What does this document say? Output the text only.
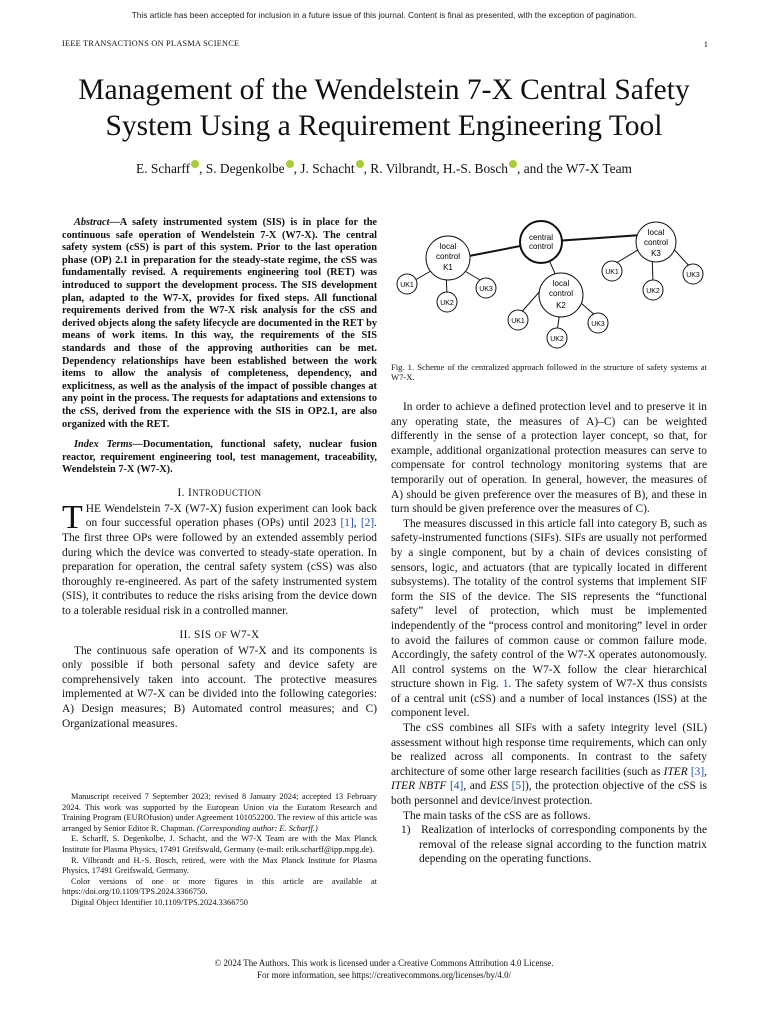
This article has been accepted for inclusion in a future issue of this journal. Content is final as presented, with the exception of pagination.
IEEE TRANSACTIONS ON PLASMA SCIENCE	1
Management of the Wendelstein 7-X Central Safety
System Using a Requirement Engineering Tool
E. Scharff , S. Degenkolbe , J. Schacht , R. Vilbrandt, H.-S. Bosch , and the W7-X Team

Abstract—A safety instrumented system (SIS) is in place for the continuous safe operation of Wendelstein 7-X (W7-X). The central safety system (cSS) is part of this system. Prior to the last operation phase (OP) 2.1 in preparation for the steady-state regime, the cSS was fundamentally revised. A requirements engineering tool (RET) was introduced to support the development process. The SIS development plan, adapted to the W7-X, provides for fixed steps. All functional requirements derived from the W7-X risk analysis for the cSS and derived objects along the safety lifecycle are documented in the RET by means of work items. In this way, the requirements of the SIS standards and those of the approving authorities can be met. Dependency relationships have been established between the work items to allow the analysis of completeness, dependency, and explicitness, as well as the analysis of the impact of possible changes at any point in the process. The requests for adaptations and extensions to the cSS, derived from the experience with the SIS in OP2.1, are also organized with the RET.

Index Terms—Documentation, functional safety, nuclear fusion reactor, requirement engineering tool, test management, traceability, Wendelstein 7-X (W7-X).

I. INTRODUCTION

THE Wendelstein 7-X (W7-X) fusion experiment can look back on four successful operation phases (OPs) until 2023 [1], [2]. The first three OPs were followed by an extended assembly period during which the device was converted to steady-state operation. In preparation for operation, the central safety system (cSS) was also thoroughly re-engineered. As part of the safety instrumented system (SIS), it contributes to reduce the risks arising from the device down to a tolerable residual risk in a controlled manner.

II. SIS OF W7-X

The continuous safe operation of W7-X and its components is only possible if both personal safety and device safety are comprehensively taken into account. The protective measures implemented at W7-X can be divided into the following categories: A) Design measures; B) Automated control measures; and C) Organizational measures.

Manuscript received 7 September 2023; revised 8 January 2024; accepted 13 February 2024. This work was supported by the European Union via the Euratom Research and Training Program (EUROfusion) under Agreement 101052200. The review of this article was arranged by Senior Editor R. Chapman. (Corresponding author: E. Scharff.)

E. Scharff, S. Degenkolbe, J. Schacht, and the W7-X Team are with the Max Planck Institute for Plasma Physics, 17491 Greifswald, Germany (e-mail: erik.scharff@ipp.mpg.de).

R. Vilbrandt and H.-S. Bosch, retired, were with the Max Planck Institute for Plasma Physics, 17491 Greifswald, Germany.

Color versions of one or more figures in this article are available at https://doi.org/10.1109/TPS.2024.3366750.

Digital Object Identifier 10.1109/TPS.2024.3366750

central
control
local
control
K1
local
control
K2
local
control
K3
UK1
UK2
UK3
UK1
UK2
UK3
UK1
UK2
UK3
Fig. 1. Scheme of the centralized approach followed in the structure of safety systems at W7-X.

In order to achieve a defined protection level and to preserve it in any operating state, the measures of A)–C) can be weighted differently in the sense of a protection layer concept, so that, for example, additional organizational protection measures can serve to compensate for control technology monitoring systems that are temporarily out of operation. In general, however, the measures of A) should be given preference over the measures of B), and these in turn should be given preference over the measures of C).

The measures discussed in this article fall into category B, such as safety-instrumented functions (SIFs). SIFs are usually not performed by a single component, but by a chain of devices consisting of sensors, logic, and actuators (that are typically located in different subsystems). The totality of the control systems that implement SIF form the SIS of the device. The SIS represents the “functional safety” level of protection, which must be implemented independently of the “process control and monitoring” level in order to avoid the failures of common cause or common failure mode. Accordingly, the safety control of the W7-X operates autonomously. All control systems on the W7-X follow the clear hierarchical structure shown in Fig. 1. The safety system of W7-X thus consists of a central unit (cSS) and a number of local instances (lSS) at the component level.

The cSS combines all SIFs with a safety integrity level (SIL) assessment without high response time requirements, which can only be realized across all components. In contrast to the safety architecture of some other large research facilities (such as ITER [3], ITER NBTF [4], and ESS [5]), the protection objective of the cSS is both personnel and device/invest protection.

The main tasks of the cSS are as follows.

1) Realization of interlocks of corresponding components by the removal of the release signal according to the function matrix depending on the operating functions.

© 2024 The Authors. This work is licensed under a Creative Commons Attribution 4.0 License.
For more information, see https://creativecommons.org/licenses/by/4.0/
